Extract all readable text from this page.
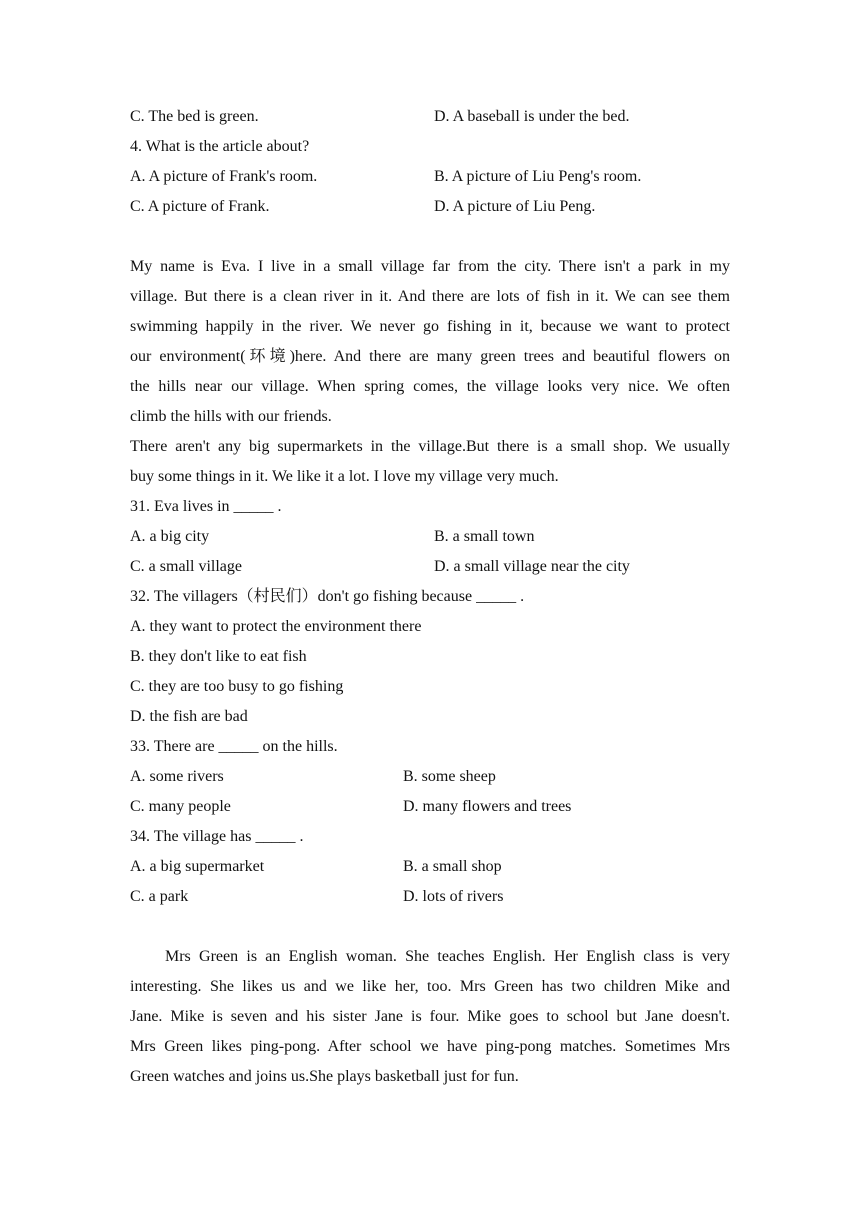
C. The bed is green.	D. A baseball is under the bed.
4. What is the article about?
A. A picture of Frank's room.	B. A picture of Liu Peng's room.
C. A picture of Frank.	D. A picture of Liu Peng.
My name is Eva. I live in a small village far from the city. There isn't a park in my
village. But there is a clean river in it. And there are lots of fish in it. We can see them
swimming happily in the river. We never go fishing in it, because we want to protect
our environment(环境)here. And there are many green trees and beautiful flowers on
the hills near our village. When spring comes, the village looks very nice. We often
climb the hills with our friends.
There aren't any big supermarkets in the village.But there is a small shop. We usually
buy some things in it. We like it a lot. I love my village very much.
31. Eva lives in _____ .
A. a big city	B. a small town
C. a small village	D. a small village near the city
32. The villagers（村民们）don't go fishing because _____ .
A. they want to protect the environment there
B. they don't like to eat fish
C. they are too busy to go fishing
D. the fish are bad
33. There are _____ on the hills.
A. some rivers	B. some sheep
C. many people	D. many flowers and trees
34. The village has _____ .
A. a big supermarket	B. a small shop
C. a park	D. lots of rivers
Mrs Green is an English woman. She teaches English. Her English class is very
interesting. She likes us and we like her, too. Mrs Green has two children Mike and
Jane. Mike is seven and his sister Jane is four. Mike goes to school but Jane doesn't.
Mrs Green likes ping-pong. After school we have ping-pong matches. Sometimes Mrs
Green watches and joins us.She plays basketball just for fun.
